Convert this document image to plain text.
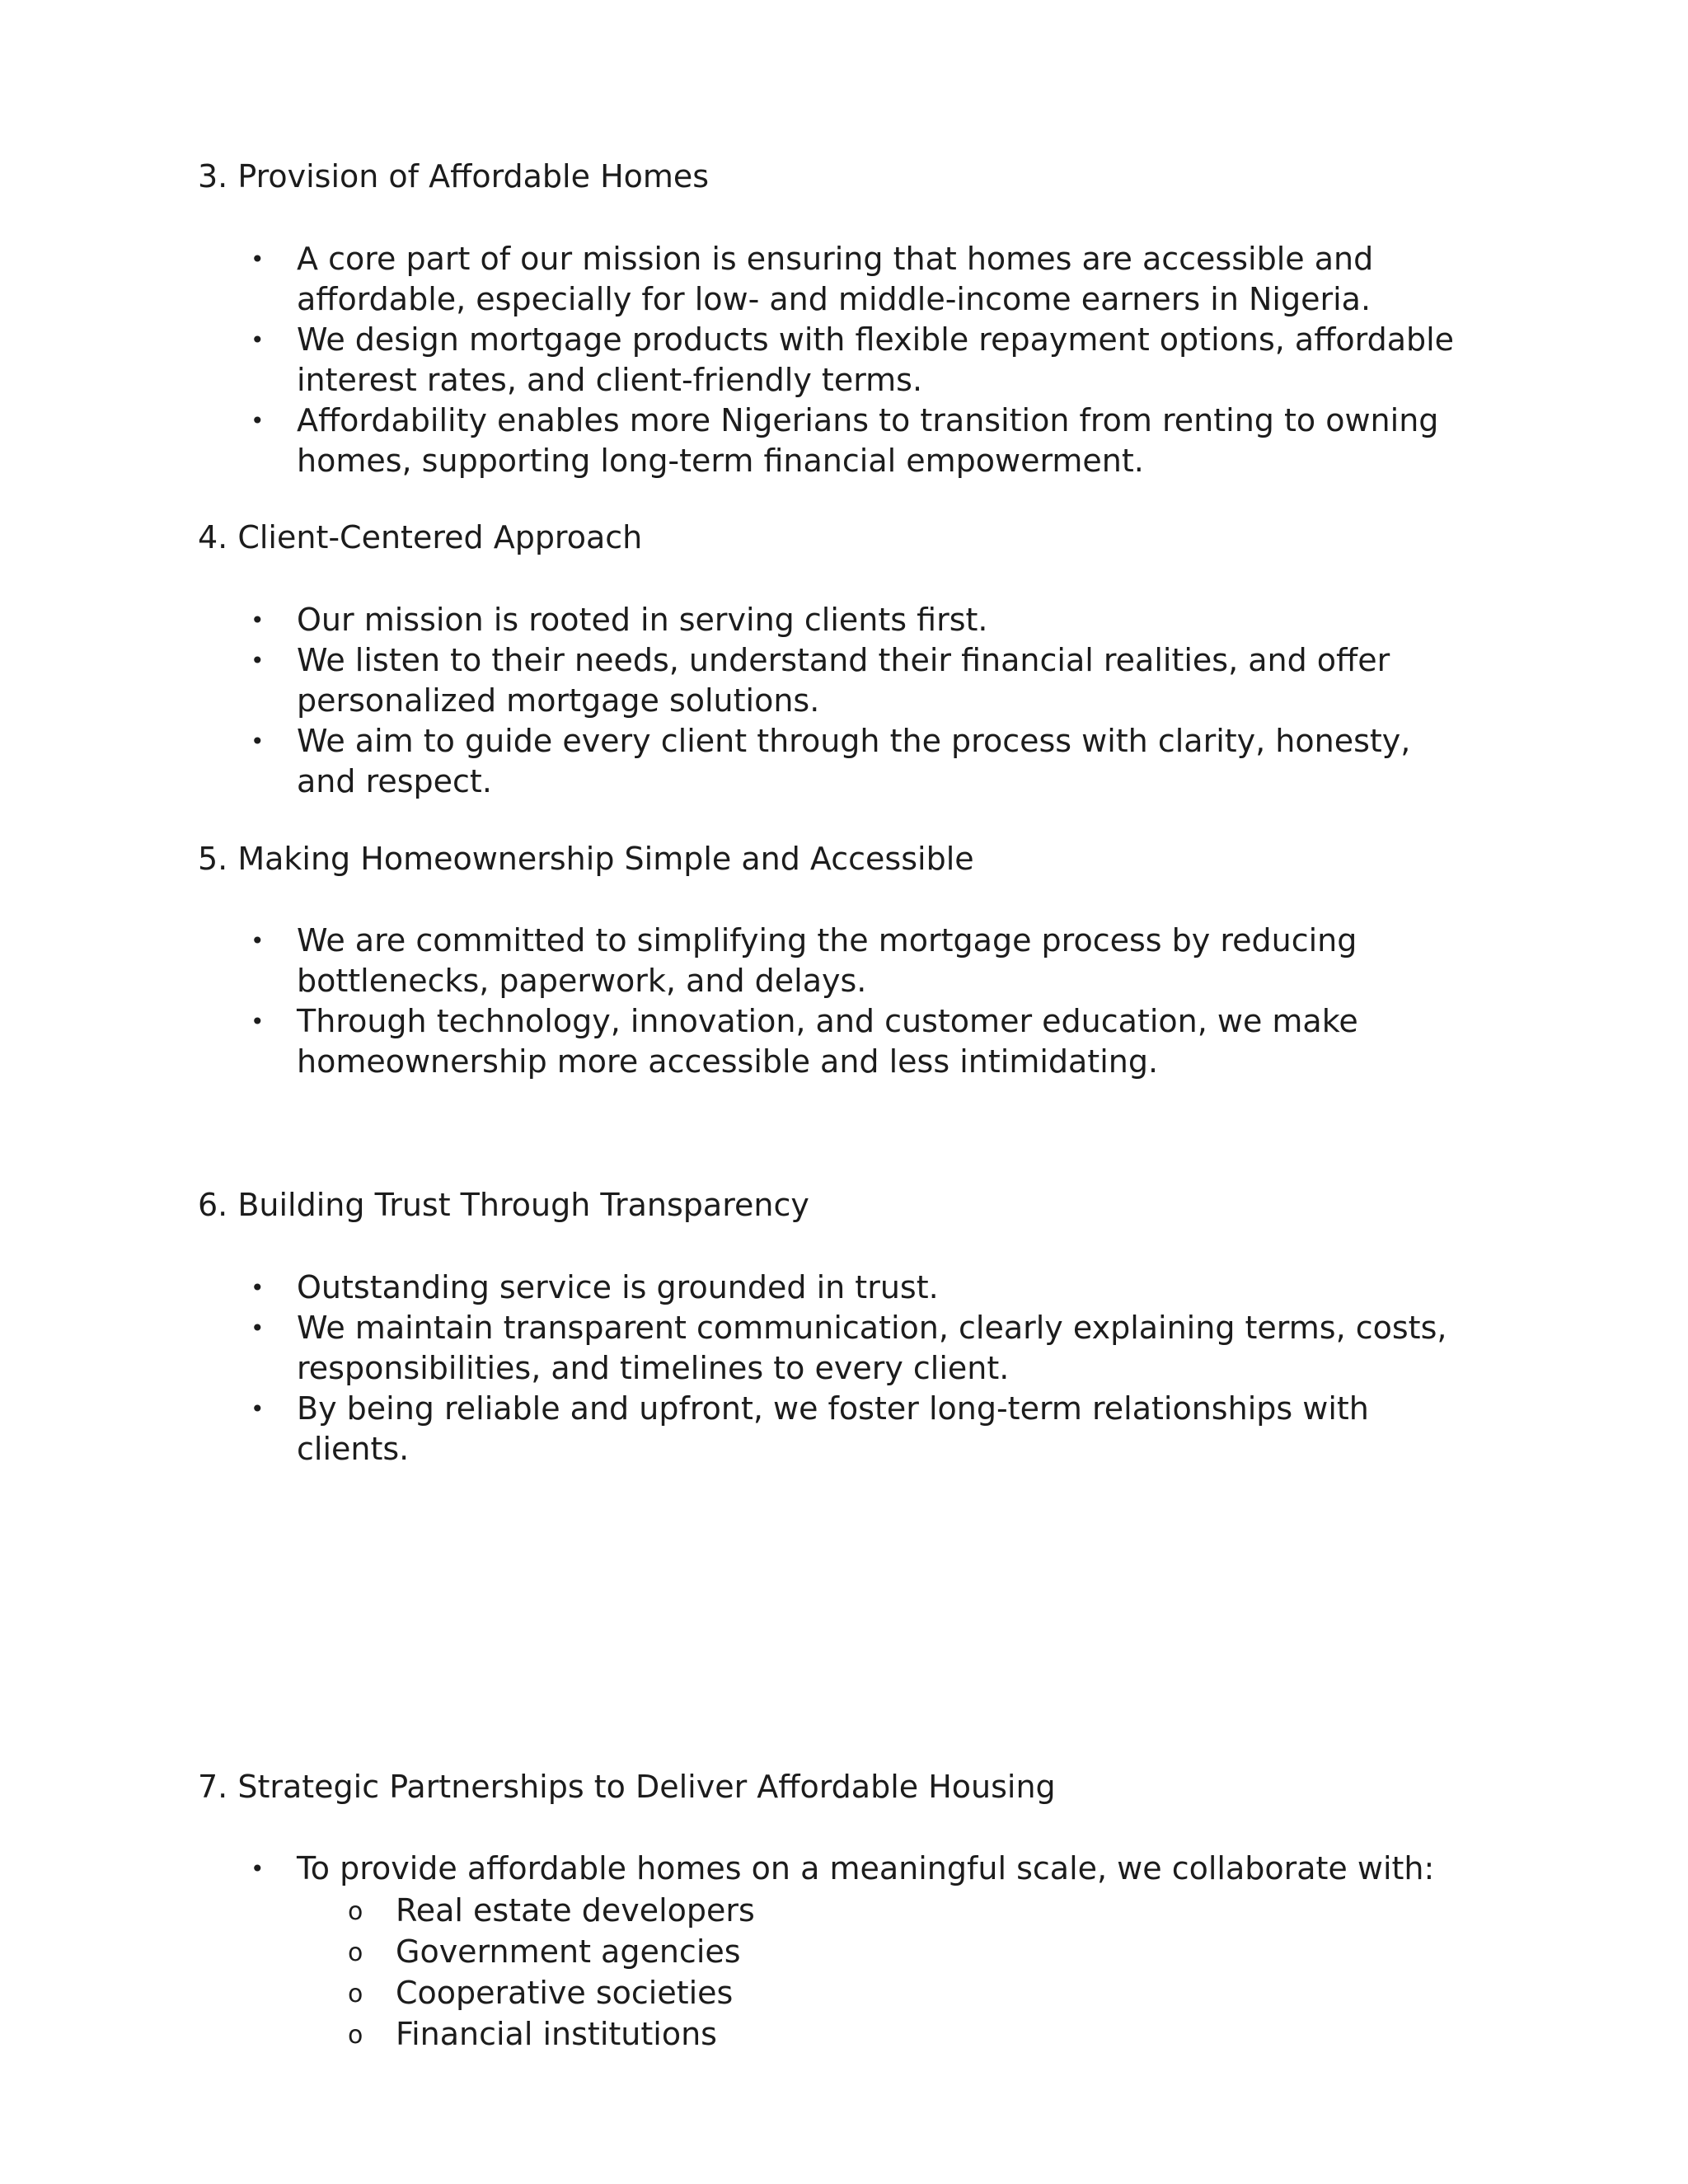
3. Provision of Affordable Homes
• A core part of our mission is ensuring that homes are accessible and
affordable, especially for low- and middle-income earners in Nigeria.
• We design mortgage products with flexible repayment options, affordable
interest rates, and client-friendly terms.
• Affordability enables more Nigerians to transition from renting to owning
homes, supporting long-term financial empowerment.
4. Client-Centered Approach
• Our mission is rooted in serving clients first.
• We listen to their needs, understand their financial realities, and offer
personalized mortgage solutions.
• We aim to guide every client through the process with clarity, honesty,
and respect.
5. Making Homeownership Simple and Accessible
• We are committed to simplifying the mortgage process by reducing
bottlenecks, paperwork, and delays.
• Through technology, innovation, and customer education, we make
homeownership more accessible and less intimidating.
6. Building Trust Through Transparency
• Outstanding service is grounded in trust.
• We maintain transparent communication, clearly explaining terms, costs,
responsibilities, and timelines to every client.
• By being reliable and upfront, we foster long-term relationships with
clients.
7. Strategic Partnerships to Deliver Affordable Housing
• To provide affordable homes on a meaningful scale, we collaborate with:
o Real estate developers
o Government agencies
o Cooperative societies
o Financial institutions
